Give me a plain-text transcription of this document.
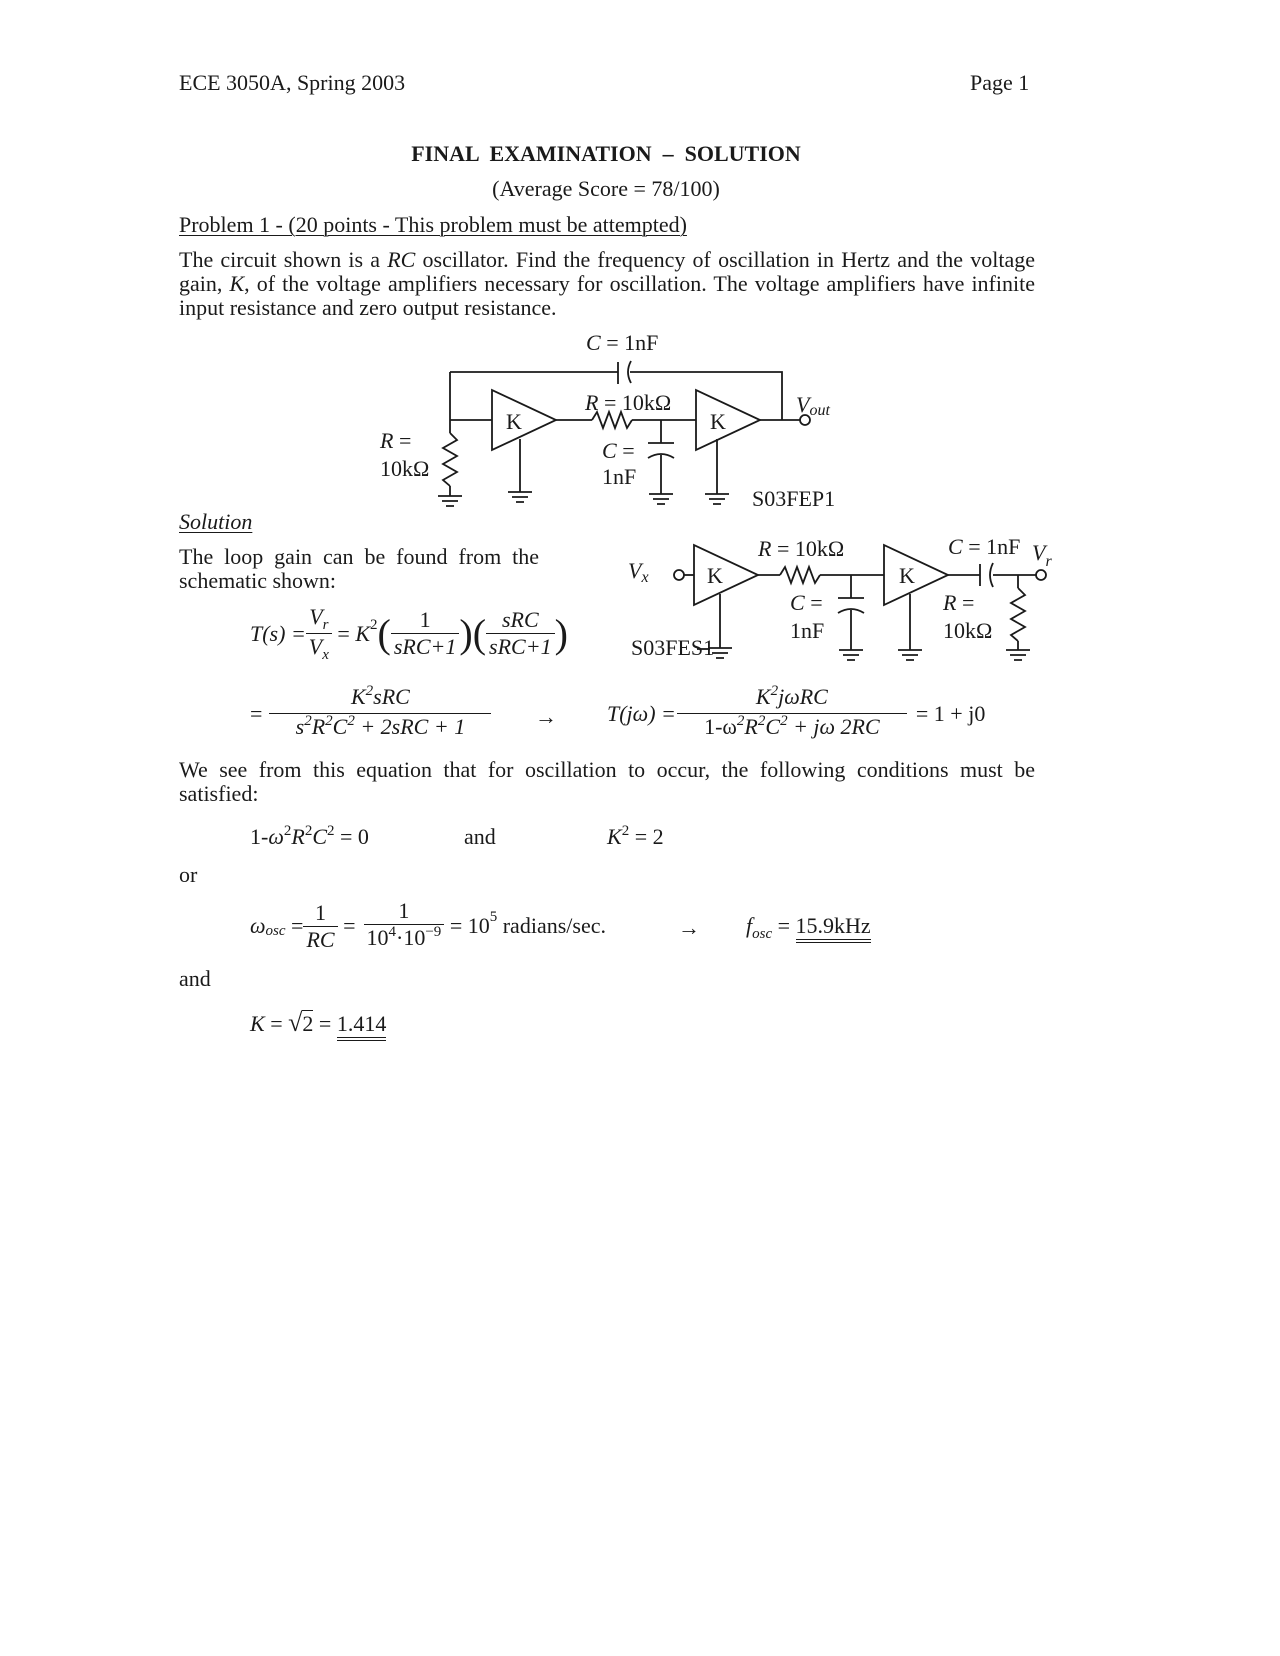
ECE 3050A, Spring 2003	Page 1
FINAL  EXAMINATION  –  SOLUTION
(Average Score = 78/100)
Problem 1 - (20 points - This problem must be attempted)
The circuit shown is a RC oscillator. Find the frequency of oscillation in Hertz and the voltage gain, K, of the voltage amplifiers necessary for oscillation. The voltage amplifiers have infinite input resistance and zero output resistance.
C = 1nF
R = 10kΩ
K	K
C =
1nF
R =
10kΩ
Vout
S03FEP1
Vx
R = 10kΩ
K	K
C =
1nF
C = 1nF $V_r$
R =
10kΩ
S03FES1
Solution
The loop gain can be found from the schematic shown:
$T(s) = \frac{V_r}{V_x} = K$ 2 ( $\frac{1}{\text{sRC+1}}$ ) ( $\frac{\text{sRC}}{\text{sRC+1}}$ )
= $\frac{K^2sRC}{s^2R^2C^2 + 2sRC + 1} \to T(j\omega) = \frac{K^2j\omega RC}{1-\omega^2R^2C^2 + j\omega 2RC} = 1 + j0$
We see from this equation that for oscillation to occur, the following conditions must be satisfied:
$1-\omega^2R^2C^2 = 0$	and	$K^2 = 2$
or
ω osc = $\frac{1}{RC} = \frac{1}{10^4\cdot 10^{-9}} = 10$ 5 radians/sec.	→ $f_{osc} = 15.9kHz$
and
K = √2 = 1.414
